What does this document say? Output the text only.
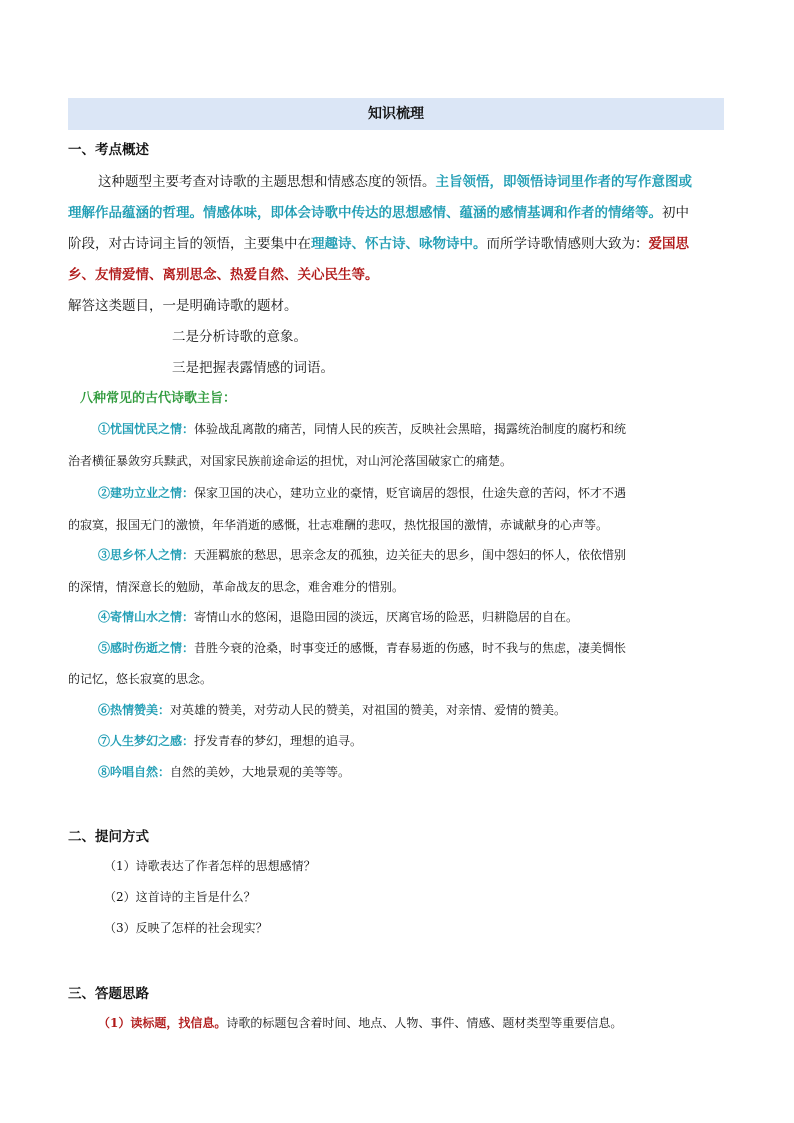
知识梳理

一、考点概述

这种题型主要考查对诗歌的主题思想和情感态度的领悟。主旨领悟，即领悟诗词里作者的写作意图或

理解作品蕴涵的哲理。情感体味，即体会诗歌中传达的思想感情、蕴涵的感情基调和作者的情绪等。初中

阶段，对古诗词主旨的领悟，主要集中在理趣诗、怀古诗、咏物诗中。而所学诗歌情感则大致为：爱国思

乡、友情爱情、离别思念、热爱自然、关心民生等。

解答这类题目，一是明确诗歌的题材。

二是分析诗歌的意象。

三是把握表露情感的词语。

八种常见的古代诗歌主旨：

①忧国忧民之情：体验战乱离散的痛苦，同情人民的疾苦，反映社会黑暗，揭露统治制度的腐朽和统

治者横征暴敛穷兵黩武，对国家民族前途命运的担忧，对山河沦落国破家亡的痛楚。

②建功立业之情：保家卫国的决心，建功立业的豪情，贬官谪居的怨恨，仕途失意的苦闷，怀才不遇

的寂寞，报国无门的激愤，年华消逝的感慨，壮志难酬的悲叹，热忱报国的激情，赤诚献身的心声等。

③思乡怀人之情：天涯羁旅的愁思，思亲念友的孤独，边关征夫的思乡，闺中怨妇的怀人，依依惜别

的深情，情深意长的勉励，革命战友的思念，难舍难分的惜别。

④寄情山水之情：寄情山水的悠闲，退隐田园的淡远，厌离官场的险恶，归耕隐居的自在。

⑤感时伤逝之情：昔胜今衰的沧桑，时事变迁的感慨，青春易逝的伤感，时不我与的焦虑，凄美惆怅

的记忆，悠长寂寞的思念。

⑥热情赞美：对英雄的赞美，对劳动人民的赞美，对祖国的赞美，对亲情、爱情的赞美。

⑦人生梦幻之感：抒发青春的梦幻，理想的追寻。

⑧吟唱自然：自然的美妙，大地景观的美等等。

二、提问方式

（1）诗歌表达了作者怎样的思想感情？

（2）这首诗的主旨是什么？

（3）反映了怎样的社会现实？

三、答题思路

（1）读标题，找信息。诗歌的标题包含着时间、地点、人物、事件、情感、题材类型等重要信息。
